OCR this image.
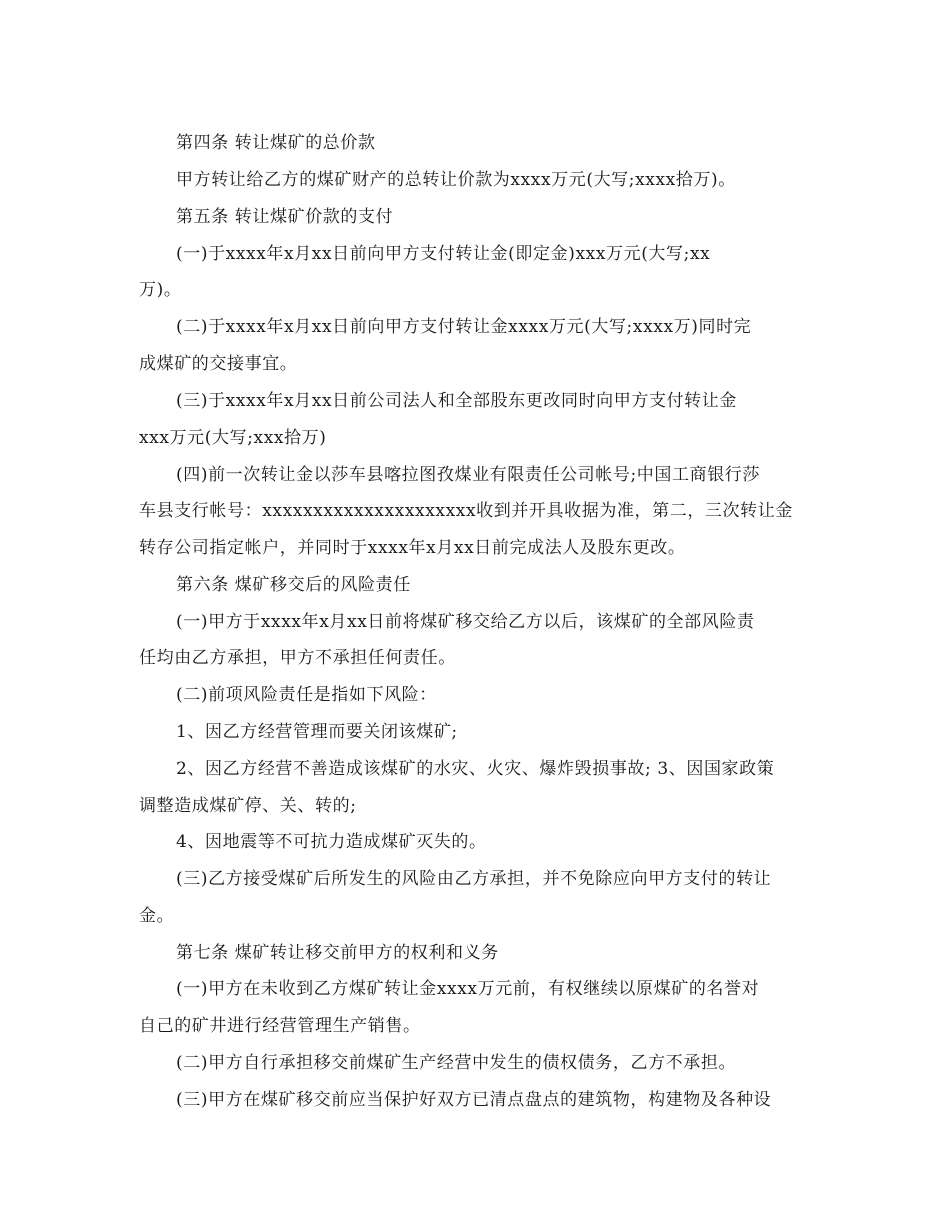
第四条 转让煤矿的总价款

甲方转让给乙方的煤矿财产的总转让价款为xxxx万元(大写;xxxx拾万)。

第五条 转让煤矿价款的支付

(一)于xxxx年x月xx日前向甲方支付转让金(即定金)xxx万元(大写;xx

万)。

(二)于xxxx年x月xx日前向甲方支付转让金xxxx万元(大写;xxxx万)同时完

成煤矿的交接事宜。

(三)于xxxx年x月xx日前公司法人和全部股东更改同时向甲方支付转让金

xxx万元(大写;xxx拾万)

(四)前一次转让金以莎车县喀拉图孜煤业有限责任公司帐号;中国工商银行莎

车县支行帐号：xxxxxxxxxxxxxxxxxxxxx收到并开具收据为准，第二，三次转让金

转存公司指定帐户，并同时于xxxx年x月xx日前完成法人及股东更改。

第六条 煤矿移交后的风险责任

(一)甲方于xxxx年x月xx日前将煤矿移交给乙方以后，该煤矿的全部风险责

任均由乙方承担，甲方不承担任何责任。

(二)前项风险责任是指如下风险：

1、因乙方经营管理而要关闭该煤矿;

2、因乙方经营不善造成该煤矿的水灾、火灾、爆炸毁损事故; 3、因国家政策

调整造成煤矿停、关、转的;

4、因地震等不可抗力造成煤矿灭失的。

(三)乙方接受煤矿后所发生的风险由乙方承担，并不免除应向甲方支付的转让

金。

第七条 煤矿转让移交前甲方的权利和义务

(一)甲方在未收到乙方煤矿转让金xxxx万元前，有权继续以原煤矿的名誉对

自己的矿井进行经营管理生产销售。

(二)甲方自行承担移交前煤矿生产经营中发生的债权债务，乙方不承担。

(三)甲方在煤矿移交前应当保护好双方已清点盘点的建筑物，构建物及各种设
